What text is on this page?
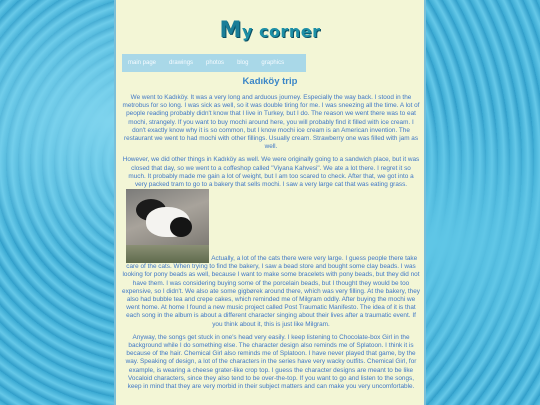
My corner
main page drawings photos blog graphics
Kadıköy trip

We went to Kadıköy. It was a very long and arduous journey. Especially the way back. I stood in the metrobus for so long. I was sick as well, so it was double tiring for me. I was sneezing all the time. A lot of people reading probably didn't know that I live in Turkey, but I do. The reason we went there was to eat mochi, strangely. If you want to buy mochi around here, you will probably find it filled with ice cream. I don't exactly know why it is so common, but I know mochi ice cream is an American invention. The restaurant we went to had mochi with other fillings. Usually cream. Strawberry one was filled with jam as well.

However, we did other things in Kadıköy as well. We were originally going to a sandwich place, but it was closed that day, so we went to a coffeshop called "Viyana Kahvesi". We ate a lot there. I regret it so much. It probably made me gain a lot of weight, but I am too scared to check. After that, we got into a very packed tram to go to a bakery that sells mochi. I saw a very large cat that was eating grass.
Actually, a lot of the cats there were very large. I guess people there take care of the cats. When trying to find the bakery, I saw a bead store and bought some clay beads. I was looking for pony beads as well, because I want to make some bracelets with pony beads, but they did not have them. I was considering buying some of the porcelain beads, but I thought they would be too expensive, so I didn't. We also ate some gigbørek around there, which was very filling. At the bakery, they also had bubble tea and crepe cakes, which reminded me of Milgram oddly. After buying the mochi we went home. At home I found a new music project called Post Traumatic Manifesto. The idea of it is that each song in the album is about a different character singing about their lives after a traumatic event. If you think about it, this is just like Milgram.

Anyway, the songs get stuck in one's head very easily. I keep listening to Chocolate-box Girl in the background while I do something else. The character design also reminds me of Splatoon. I think it is because of the hair. Chemical Girl also reminds me of Splatoon. I have never played that game, by the way. Speaking of design, a lot of the characters in the series have very wacky outfits. Chemical Girl, for example, is wearing a cheese grater-like crop top. I guess the character designs are meant to be like Vocaloid characters, since they also tend to be over-the-top. If you want to go and listen to the songs, keep in mind that they are very morbid in their subject matters and can make you very uncomfortable.
